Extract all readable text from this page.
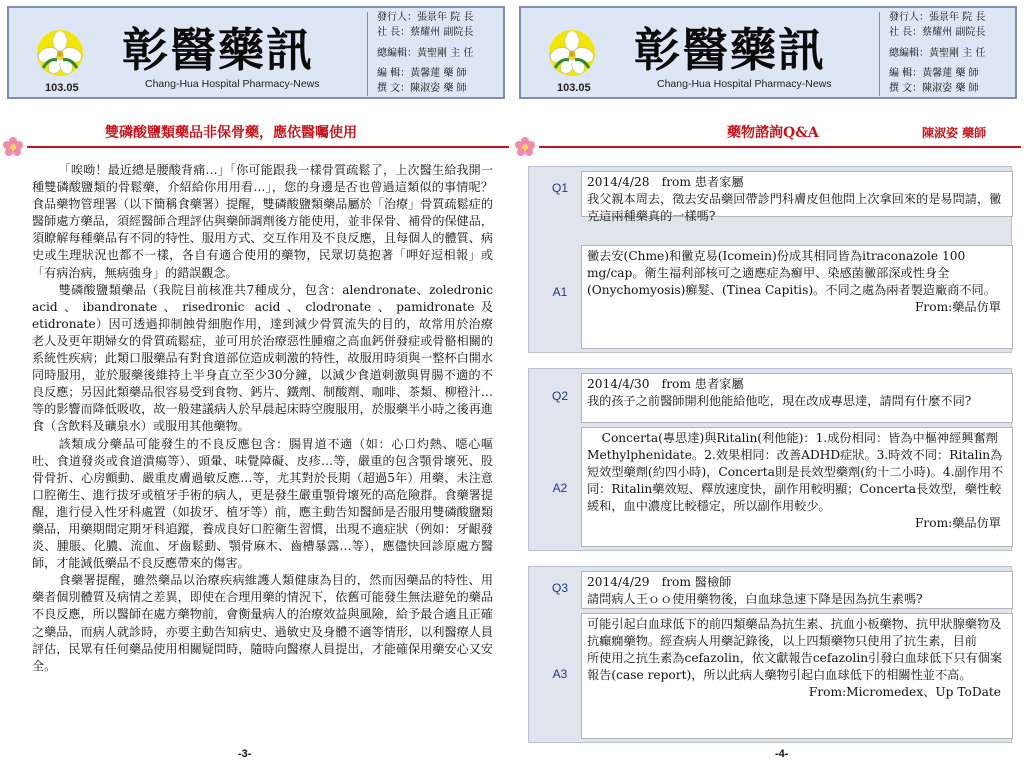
103.05
彰醫藥訊
Chang-Hua Hospital Pharmacy-News
發行人：張景年 院 長
社 長：蔡耀州 副院長
總編輯：黃聖剛 主 任
編 輯：黃馨蓮 藥 師
撰 文：陳淑姿 藥 師
雙磷酸鹽類藥品非保骨藥，應依醫囑使用

「唉呦！最近總是腰酸背痛…」「你可能跟我一樣骨質疏鬆了，上次醫生給我開一種雙磷酸鹽類的骨鬆藥，介紹給你用用看…」，您的身邊是否也曾過這類似的事情呢？食品藥物管理署（以下簡稱食藥署）提醒，雙磷酸鹽類藥品屬於「治療」骨質疏鬆症的醫師處方藥品，須經醫師合理評估與藥師調劑後方能使用，並非保骨、補骨的保健品，須瞭解每種藥品有不同的特性、服用方式、交互作用及不良反應，且每個人的體質、病史或生理狀況也都不一樣，各自有適合使用的藥物，民眾切莫抱著「呷好逗相報」或「有病治病，無病強身」的錯誤觀念。

雙磷酸鹽類藥品（我院目前核准共7種成分，包含：alendronate、zoledronic acid、ibandronate、risedronic acid、clodronate、pamidronate及etidronate）因可透過抑制蝕骨細胞作用，達到減少骨質流失的目的，故常用於治療老人及更年期婦女的骨質疏鬆症，並可用於治療惡性腫瘤之高血鈣併發症或骨骼相關的系統性疾病；此類口服藥品有對食道部位造成刺激的特性，故服用時須與一整杯白開水同時服用，並於服藥後維持上半身直立至少30分鐘，以減少食道刺激與胃腸不適的不良反應；另因此類藥品很容易受到食物、鈣片、鐵劑、制酸劑、咖啡、茶類、柳橙汁…等的影響而降低吸收，故一般建議病人於早晨起床時空腹服用，於服藥半小時之後再進食（含飲料及礦泉水）或服用其他藥物。

該類成分藥品可能發生的不良反應包含：腸胃道不適（如：心口灼熱、噁心嘔吐、食道發炎或食道潰瘍等）、頭暈、味覺障礙、皮疹…等，嚴重的包含顎骨壞死、股骨骨折、心房顫動、嚴重皮膚過敏反應…等，尤其對於長期（超過5年）用藥、未注意口腔衛生、進行拔牙或植牙手術的病人，更是發生嚴重顎骨壞死的高危險群。食藥署提醒，進行侵入性牙科處置（如拔牙、植牙等）前，應主動告知醫師是否服用雙磷酸鹽類藥品，用藥期間定期牙科追蹤，養成良好口腔衛生習慣，出現不適症狀（例如：牙齦發炎、腫脹、化膿、流血、牙齒鬆動、顎骨麻木、齒槽暴露…等），應儘快回診原處方醫師，才能減低藥品不良反應帶來的傷害。

食藥署提醒，雖然藥品以治療疾病維護人類健康為目的，然而因藥品的特性、用藥者個別體質及病情之差異，即使在合理用藥的情況下，依舊可能發生無法避免的藥品不良反應，所以醫師在處方藥物前，會衡量病人的治療效益與風險，給予最合適且正確之藥品，而病人就診時，亦要主動告知病史、過敏史及身體不適等情形，以利醫療人員評估，民眾有任何藥品使用相關疑問時，隨時向醫療人員提出，才能確保用藥安心又安全。

-3-
103.05
彰醫藥訊
Chang-Hua Hospital Pharmacy-News
發行人：張景年 院 長
社 長：蔡耀州 副院長
總編輯：黃聖剛 主 任
編 輯：黃馨蓮 藥 師
撰 文：陳淑姿 藥 師
藥物諮詢Q&A	陳淑姿 藥師
Q1	2014/4/28　from 患者家屬
我父親本周去，徵去安品藥回帶診門科膚皮但他問上次拿回來的是易問請，黴克這兩種藥真的一樣嗎?
A1
黴去安(Chme)和黴克易(Icomein)份成其相同皆為itraconazole 100 mg/cap。衛生福利部核可之適應症為癬甲、染感菌黴部深或性身全(Onychomyosis)癬髮、(Tinea Capitis)。不同之處為兩者製造廠商不同。
From:藥品仿單
Q2
2014/4/30　from 患者家屬
我的孩子之前醫師開利他能給他吃，現在改成專思達，請問有什麼不同?
A2
Concerta(專思達)與Ritalin(利他能)：1.成份相同：皆為中樞神經興奮劑Methylphenidate。2.效果相同：改善ADHD症狀。3.時效不同：Ritalin為短效型藥劑(約四小時)，Concerta則是長效型藥劑(約十二小時)。4.副作用不同：Ritalin藥效短、釋放速度快，副作用較明顯；Concerta長效型，藥性較緩和，血中濃度比較穩定，所以副作用較少。
From:藥品仿單
Q3	2014/4/29　from 醫檢師
請問病人王ｏｏ使用藥物後，白血球急速下降是因為抗生素嗎?
A3
可能引起白血球低下的前四類藥品為抗生素、抗血小板藥物、抗甲狀腺藥物及抗癲癇藥物。經查病人用藥記錄後，以上四類藥物只使用了抗生素，目前
所使用之抗生素為cefazolin，依文獻報告cefazolin引發白血球低下只有個案報告(case report)，所以此病人藥物引起白血球低下的相關性並不高。
From:Micromedex、Up ToDate
-4-
